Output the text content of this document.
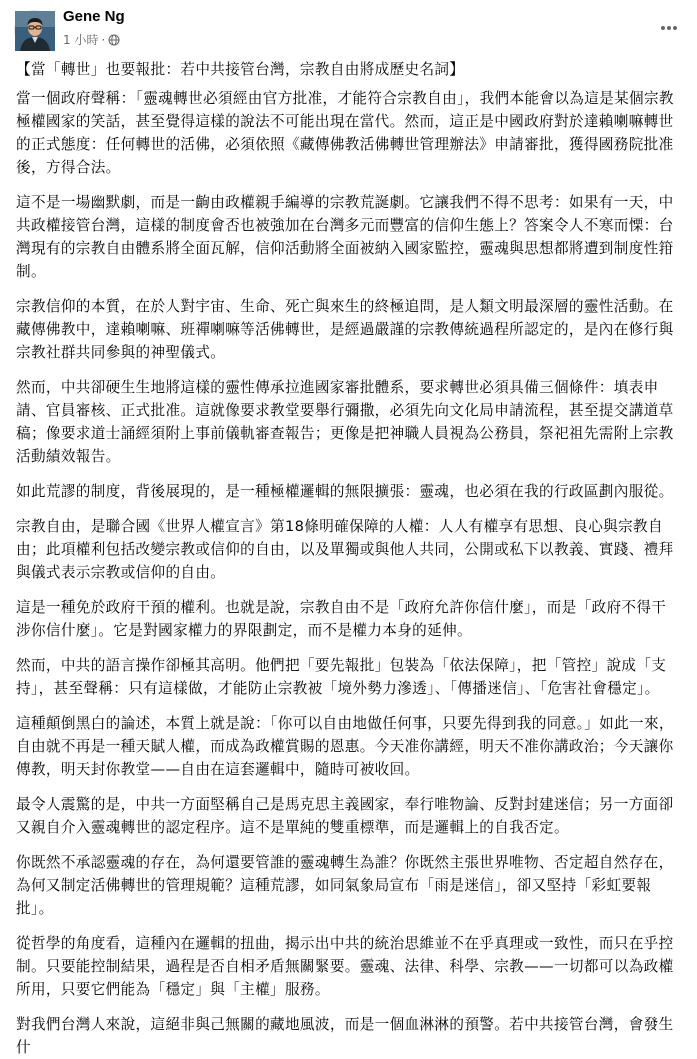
Gene Ng
1 小時 ·

【當「轉世」也要報批：若中共接管台灣，宗教自由將成歷史名詞】

當一個政府聲稱：「靈魂轉世必須經由官方批准，才能符合宗教自由」，我們本能會以為這是某個宗教極權國家的笑話，甚至覺得這樣的說法不可能出現在當代。然而，這正是中國政府對於達賴喇嘛轉世的正式態度：任何轉世的活佛，必須依照《藏傳佛教活佛轉世管理辦法》申請審批，獲得國務院批准後，方得合法。

這不是一場幽默劇，而是一齣由政權親手編導的宗教荒誕劇。它讓我們不得不思考：如果有一天，中共政權接管台灣，這樣的制度會否也被強加在台灣多元而豐富的信仰生態上？答案令人不寒而慄：台灣現有的宗教自由體系將全面瓦解，信仰活動將全面被納入國家監控，靈魂與思想都將遭到制度性箝制。

宗教信仰的本質，在於人對宇宙、生命、死亡與來生的終極追問，是人類文明最深層的靈性活動。在藏傳佛教中，達賴喇嘛、班禪喇嘛等活佛轉世，是經過嚴謹的宗教傳統過程所認定的，是內在修行與宗教社群共同參與的神聖儀式。

然而，中共卻硬生生地將這樣的靈性傳承拉進國家審批體系，要求轉世必須具備三個條件：填表申請、官員審核、正式批准。這就像要求教堂要舉行彌撒，必須先向文化局申請流程，甚至提交講道草稿；像要求道士誦經須附上事前儀軌審查報告；更像是把神職人員視為公務員，祭祀祖先需附上宗教活動績效報告。

如此荒謬的制度，背後展現的，是一種極權邏輯的無限擴張：靈魂，也必須在我的行政區劃內服從。

宗教自由，是聯合國《世界人權宣言》第18條明確保障的人權：人人有權享有思想、良心與宗教自由；此項權利包括改變宗教或信仰的自由，以及單獨或與他人共同，公開或私下以教義、實踐、禮拜與儀式表示宗教或信仰的自由。

這是一種免於政府干預的權利。也就是說，宗教自由不是「政府允許你信什麼」，而是「政府不得干涉你信什麼」。它是對國家權力的界限劃定，而不是權力本身的延伸。

然而，中共的語言操作卻極其高明。他們把「要先報批」包裝為「依法保障」，把「管控」說成「支持」，甚至聲稱：只有這樣做，才能防止宗教被「境外勢力滲透」、「傳播迷信」、「危害社會穩定」。

這種顛倒黑白的論述，本質上就是說：「你可以自由地做任何事，只要先得到我的同意。」如此一來，自由就不再是一種天賦人權，而成為政權賞賜的恩惠。今天准你講經，明天不准你講政治；今天讓你傳教，明天封你教堂——自由在這套邏輯中，隨時可被收回。

最令人震驚的是，中共一方面堅稱自己是馬克思主義國家，奉行唯物論、反對封建迷信；另一方面卻又親自介入靈魂轉世的認定程序。這不是單純的雙重標準，而是邏輯上的自我否定。

你既然不承認靈魂的存在，為何還要管誰的靈魂轉生為誰？你既然主張世界唯物、否定超自然存在，為何又制定活佛轉世的管理規範？這種荒謬，如同氣象局宣布「雨是迷信」，卻又堅持「彩虹要報批」。

從哲學的角度看，這種內在邏輯的扭曲，揭示出中共的統治思維並不在乎真理或一致性，而只在乎控制。只要能控制結果，過程是否自相矛盾無關緊要。靈魂、法律、科學、宗教——一切都可以為政權所用，只要它們能為「穩定」與「主權」服務。

對我們台灣人來說，這絕非與己無關的藏地風波，而是一個血淋淋的預警。若中共接管台灣，會發生什
